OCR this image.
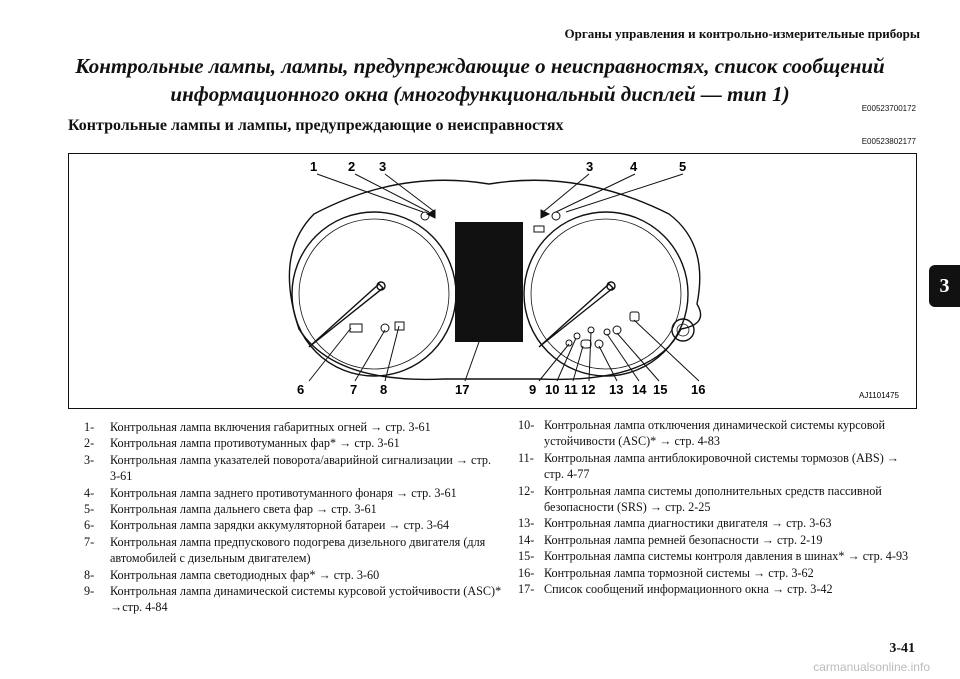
Органы управления и контрольно-измерительные приборы
Контрольные лампы, лампы, предупреждающие о неисправностях, список сообщений
информационного окна (многофункциональный дисплей — тип 1)
E00523700172
Контрольные лампы и лампы, предупреждающие о неисправностях
E00523802177
3
1 2 3	3	4	5
6	7 8	17	9 10 11 12 13 14 15 16	AJ1101475
1-	Контрольная лампа включения габаритных огней → стр. 3-61
2-	Контрольная лампа противотуманных фар* → стр. 3-61
3-	Контрольная лампа указателей поворота/аварийной сигнализации → стр. 3-61
4-	Контрольная лампа заднего противотуманного фонаря → стр. 3-61
5-	Контрольная лампа дальнего света фар → стр. 3-61
6-	Контрольная лампа зарядки аккумуляторной батареи → стр. 3-64
7-	Контрольная лампа предпускового подогрева дизельного двигателя (для автомобилей с дизельным двигателем)
8-	Контрольная лампа светодиодных фар* → стр. 3-60
9-	Контрольная лампа динамической системы курсовой устойчивости (ASC)* →стр. 4-84
10- Контрольная лампа отключения динамической системы курсовой устойчивости (ASC)* → стр. 4-83
11- Контрольная лампа антиблокировочной системы тормозов (ABS) → стр. 4-77
12- Контрольная лампа системы дополнительных средств пассивной безопасности (SRS) → стр. 2-25
13- Контрольная лампа диагностики двигателя → стр. 3-63
14- Контрольная лампа ремней безопасности → стр. 2-19
15- Контрольная лампа системы контроля давления в шинах* → стр. 4-93
16- Контрольная лампа тормозной системы → стр. 3-62
17- Список сообщений информационного окна → стр. 3-42
3-41
carmanualsonline.info
